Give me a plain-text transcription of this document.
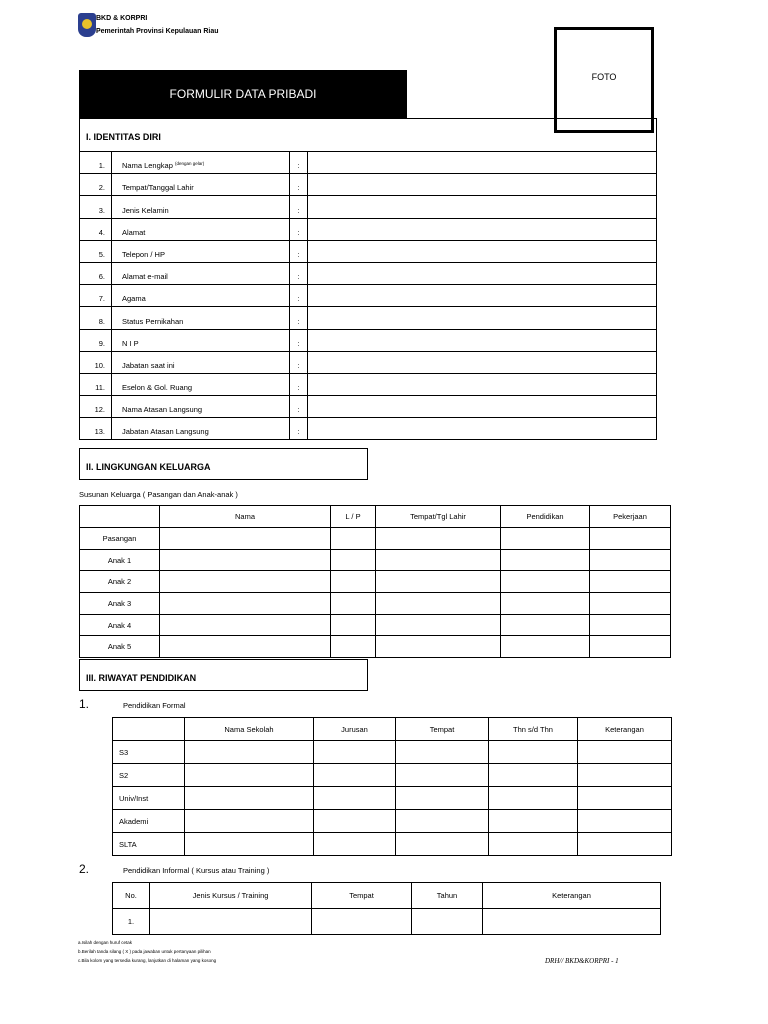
BKD & KORPRI
Pemerintah Provinsi Kepulauan Riau
FORMULIR DATA PRIBADI
FOTO
I. IDENTITAS DIRI
1.	Nama Lengkap $^{(dengan gelar)}$	:	
2.	Tempat/Tanggal Lahir	:	
3.	Jenis Kelamin	:	
4.	Alamat	:	
5.	Telepon / HP	:	
6.	Alamat e-mail	:	
7.	Agama	:	
8.	Status Pernikahan	:	
9.	N I P	:	
10.	Jabatan saat ini	:	
11.	Eselon & Gol. Ruang	:	
12.	Nama Atasan Langsung	:	
13.	Jabatan Atasan Langsung	:	
II. LINGKUNGAN KELUARGA
Susunan Keluarga ( Pasangan dan Anak-anak )
	Nama	L / P	Tempat/Tgl Lahir	Pendidikan	Pekerjaan
Pasangan					
Anak 1					
Anak 2					
Anak 3					
Anak 4					
Anak 5					
III. RIWAYAT PENDIDIKAN
1.	Pendidikan Formal
	Nama Sekolah	Jurusan	Tempat	Thn s/d Thn	Keterangan
S3					
S2					
Univ/Inst					
Akademi					
SLTA					
2.	Pendidikan Informal ( Kursus atau Training )
No.	Jenis Kursus / Training	Tempat	Tahun	Keterangan
1.				
a.Isilah dengan huruf cetak
b.Berilah tanda silang ( X ) pada jawaban untuk pertanyaan pilihan
c.Bila kolom yang tersedia kurang, lanjutkan di halaman yang kosong	DRH// BKD&KORPRI - 1
